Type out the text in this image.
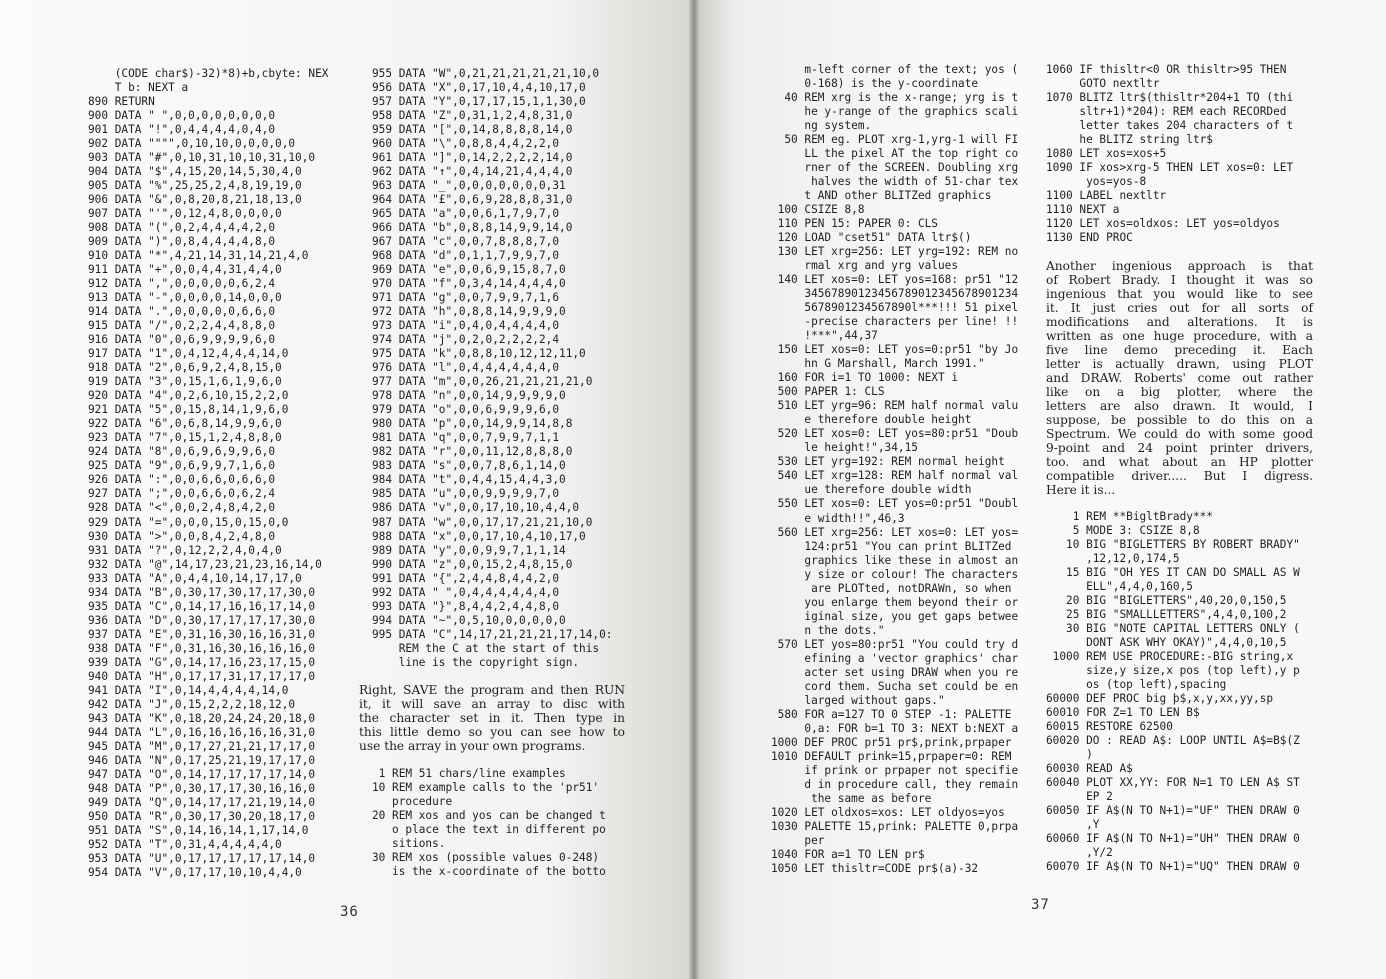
(CODE char$)-32)*8)+b,cbyte: NEX
T b: NEXT a
890 RETURN
900 DATA " ",0,0,0,0,0,0,0,0
901 DATA "!",0,4,4,4,4,0,4,0
902 DATA """",0,10,10,0,0,0,0,0
903 DATA "#",0,10,31,10,10,31,10,0
904 DATA "$",4,15,20,14,5,30,4,0
905 DATA "%",25,25,2,4,8,19,19,0
906 DATA "&",0,8,20,8,21,18,13,0
907 DATA "'",0,12,4,8,0,0,0,0
908 DATA "(",0,2,4,4,4,4,2,0
909 DATA ")",0,8,4,4,4,4,8,0
910 DATA "*",4,21,14,31,14,21,4,0
911 DATA "+",0,0,4,4,31,4,4,0
912 DATA ",",0,0,0,0,0,6,2,4
913 DATA "-",0,0,0,0,14,0,0,0
914 DATA ".",0,0,0,0,0,6,6,0
915 DATA "/",0,2,2,4,4,8,8,0
916 DATA "0",0,6,9,9,9,9,6,0
917 DATA "1",0,4,12,4,4,4,14,0
918 DATA "2",0,6,9,2,4,8,15,0
919 DATA "3",0,15,1,6,1,9,6,0
920 DATA "4",0,2,6,10,15,2,2,0
921 DATA "5",0,15,8,14,1,9,6,0
922 DATA "6",0,6,8,14,9,9,6,0
923 DATA "7",0,15,1,2,4,8,8,0
924 DATA "8",0,6,9,6,9,9,6,0
925 DATA "9",0,6,9,9,7,1,6,0
926 DATA ":",0,0,6,6,0,6,6,0
927 DATA ";",0,0,6,6,0,6,2,4
928 DATA "<",0,0,2,4,8,4,2,0
929 DATA "=",0,0,0,15,0,15,0,0
930 DATA ">",0,0,8,4,2,4,8,0
931 DATA "?",0,12,2,2,4,0,4,0
932 DATA "@",14,17,23,21,23,16,14,0
933 DATA "A",0,4,4,10,14,17,17,0
934 DATA "B",0,30,17,30,17,17,30,0
935 DATA "C",0,14,17,16,16,17,14,0
936 DATA "D",0,30,17,17,17,17,30,0
937 DATA "E",0,31,16,30,16,16,31,0
938 DATA "F",0,31,16,30,16,16,16,0
939 DATA "G",0,14,17,16,23,17,15,0
940 DATA "H",0,17,17,31,17,17,17,0
941 DATA "I",0,14,4,4,4,4,14,0
942 DATA "J",0,15,2,2,2,18,12,0
943 DATA "K",0,18,20,24,24,20,18,0
944 DATA "L",0,16,16,16,16,16,31,0
945 DATA "M",0,17,27,21,21,17,17,0
946 DATA "N",0,17,25,21,19,17,17,0
947 DATA "O",0,14,17,17,17,17,14,0
948 DATA "P",0,30,17,17,30,16,16,0
949 DATA "Q",0,14,17,17,21,19,14,0
950 DATA "R",0,30,17,30,20,18,17,0
951 DATA "S",0,14,16,14,1,17,14,0
952 DATA "T",0,31,4,4,4,4,4,0
953 DATA "U",0,17,17,17,17,17,14,0
954 DATA "V",0,17,17,10,10,4,4,0
955 DATA "W",0,21,21,21,21,21,10,0
956 DATA "X",0,17,10,4,4,10,17,0
957 DATA "Y",0,17,17,15,1,1,30,0
958 DATA "Z",0,31,1,2,4,8,31,0
959 DATA "[",0,14,8,8,8,8,14,0
960 DATA "\",0,8,8,4,4,2,2,0
961 DATA "]",0,14,2,2,2,2,14,0
962 DATA "↑",0,4,14,21,4,4,4,0
963 DATA "_",0,0,0,0,0,0,0,31
964 DATA "£",0,6,9,28,8,8,31,0
965 DATA "a",0,0,6,1,7,9,7,0
966 DATA "b",0,8,8,14,9,9,14,0
967 DATA "c",0,0,7,8,8,8,7,0
968 DATA "d",0,1,1,7,9,9,7,0
969 DATA "e",0,0,6,9,15,8,7,0
970 DATA "f",0,3,4,14,4,4,4,0
971 DATA "g",0,0,7,9,9,7,1,6
972 DATA "h",0,8,8,14,9,9,9,0
973 DATA "i",0,4,0,4,4,4,4,0
974 DATA "j",0,2,0,2,2,2,2,4
975 DATA "k",0,8,8,10,12,12,11,0
976 DATA "l",0,4,4,4,4,4,4,0
977 DATA "m",0,0,26,21,21,21,21,0
978 DATA "n",0,0,14,9,9,9,9,0
979 DATA "o",0,0,6,9,9,9,6,0
980 DATA "p",0,0,14,9,9,14,8,8
981 DATA "q",0,0,7,9,9,7,1,1
982 DATA "r",0,0,11,12,8,8,8,0
983 DATA "s",0,0,7,8,6,1,14,0
984 DATA "t",0,4,4,15,4,4,3,0
985 DATA "u",0,0,9,9,9,9,7,0
986 DATA "v",0,0,17,10,10,4,4,0
987 DATA "w",0,0,17,17,21,21,10,0
988 DATA "x",0,0,17,10,4,10,17,0
989 DATA "y",0,0,9,9,7,1,1,14
990 DATA "z",0,0,15,2,4,8,15,0
991 DATA "{",2,4,4,8,4,4,2,0
992 DATA " ",0,4,4,4,4,4,4,0
993 DATA "}",8,4,4,2,4,4,8,0
994 DATA "~",0,5,10,0,0,0,0,0
995 DATA "C",14,17,21,21,21,17,14,0:
REM the C at the start of this
line is the copyright sign.
Right, SAVE the program and then RUN
it, it will save an array to disc with
the character set in it. Then type in
this little demo so you can see how to
use the array in your own programs.
1 REM 51 chars/line examples
10 REM example calls to the 'pr51'
procedure
20 REM xos and yos can be changed t
o place the text in different po
sitions.
30 REM xos (possible values 0-248)
is the x-coordinate of the botto
36
m-left corner of the text; yos (
0-168) is the y-coordinate
40 REM xrg is the x-range; yrg is t
he y-range of the graphics scali
ng system.
50 REM eg. PLOT xrg-1,yrg-1 will FI
LL the pixel AT the top right co
rner of the SCREEN. Doubling xrg
halves the width of 51-char tex
t AND other BLITZed graphics
100 CSIZE 8,8
110 PEN 15: PAPER 0: CLS
120 LOAD "cset51" DATA ltr$()
130 LET xrg=256: LET yrg=192: REM no
rmal xrg and yrg values
140 LET xos=0: LET yos=168: pr51 "12
34567890123456789012345678901234
5678901234567890l***!!! 51 pixel
-precise characters per line! !!
!***",44,37
150 LET xos=0: LET yos=0:pr51 "by Jo
hn G Marshall, March 1991."
160 FOR i=1 TO 1000: NEXT i
500 PAPER 1: CLS
510 LET yrg=96: REM half normal valu
e therefore double height
520 LET xos=0: LET yos=80:pr51 "Doub
le height!",34,15
530 LET yrg=192: REM normal height
540 LET xrg=128: REM half normal val
ue therefore double width
550 LET xos=0: LET yos=0:pr51 "Doubl
e width!!",46,3
560 LET xrg=256: LET xos=0: LET yos=
124:pr51 "You can print BLITZed
graphics like these in almost an
y size or colour! The characters
are PLOTted, notDRAWn, so when
you enlarge them beyond their or
iginal size, you get gaps betwee
n the dots."
570 LET yos=80:pr51 "You could try d
efining a 'vector graphics' char
acter set using DRAW when you re
cord them. Sucha set could be en
larged without gaps."
580 FOR a=127 TO 0 STEP -1: PALETTE
0,a: FOR b=1 TO 3: NEXT b:NEXT a
1000 DEF PROC pr51 pr$,prink,prpaper
1010 DEFAULT prink=15,prpaper=0: REM
if prink or prpaper not specifie
d in procedure call, they remain
the same as before
1020 LET oldxos=xos: LET oldyos=yos
1030 PALETTE 15,prink: PALETTE 0,prpa
per
1040 FOR a=1 TO LEN pr$
1050 LET thisltr=CODE pr$(a)-32
1060 IF thisltr<0 OR thisltr>95 THEN
GOTO nextltr
1070 BLITZ ltr$(thisltr*204+1 TO (thi
sltr+1)*204): REM each RECORDed
letter takes 204 characters of t
he BLITZ string ltr$
1080 LET xos=xos+5
1090 IF xos>xrg-5 THEN LET xos=0: LET
yos=yos-8
1100 LABEL nextltr
1110 NEXT a
1120 LET xos=oldxos: LET yos=oldyos
1130 END PROC
Another ingenious approach is that
of Robert Brady. I thought it was so
ingenious that you would like to see
it. It just cries out for all sorts of
modifications and alterations. It is
written as one huge procedure, with a
five line demo preceding it. Each
letter is actually drawn, using PLOT
and DRAW. Roberts' come out rather
like on a big plotter, where the
letters are also drawn. It would, I
suppose, be possible to do this on a
Spectrum. We could do with some good
9-point and 24 point printer drivers,
too. and what about an HP plotter
compatible driver..... But I digress.
Here it is...
1 REM **BigltBrady***
5 MODE 3: CSIZE 8,8
10 BIG "BIGLETTERS BY ROBERT BRADY"
,12,12,0,174,5
15 BIG "OH YES IT CAN DO SMALL AS W
ELL",4,4,0,160,5
20 BIG "BIGLETTERS",40,20,0,150,5
25 BIG "SMALLLETTERS",4,4,0,100,2
30 BIG "NOTE CAPITAL LETTERS ONLY (
DONT ASK WHY OKAY)",4,4,0,10,5
1000 REM USE PROCEDURE:-BIG string,x
size,y size,x pos (top left),y p
os (top left),spacing
60000 DEF PROC big þ$,x,y,xx,yy,sp
60010 FOR Z=1 TO LEN B$
60015 RESTORE 62500
60020 DO : READ A$: LOOP UNTIL A$=B$(Z
)
60030 READ A$
60040 PLOT XX,YY: FOR N=1 TO LEN A$ ST
EP 2
60050 IF A$(N TO N+1)="UF" THEN DRAW 0
,Y
60060 IF A$(N TO N+1)="UH" THEN DRAW 0
,Y/2
60070 IF A$(N TO N+1)="UQ" THEN DRAW 0
37
